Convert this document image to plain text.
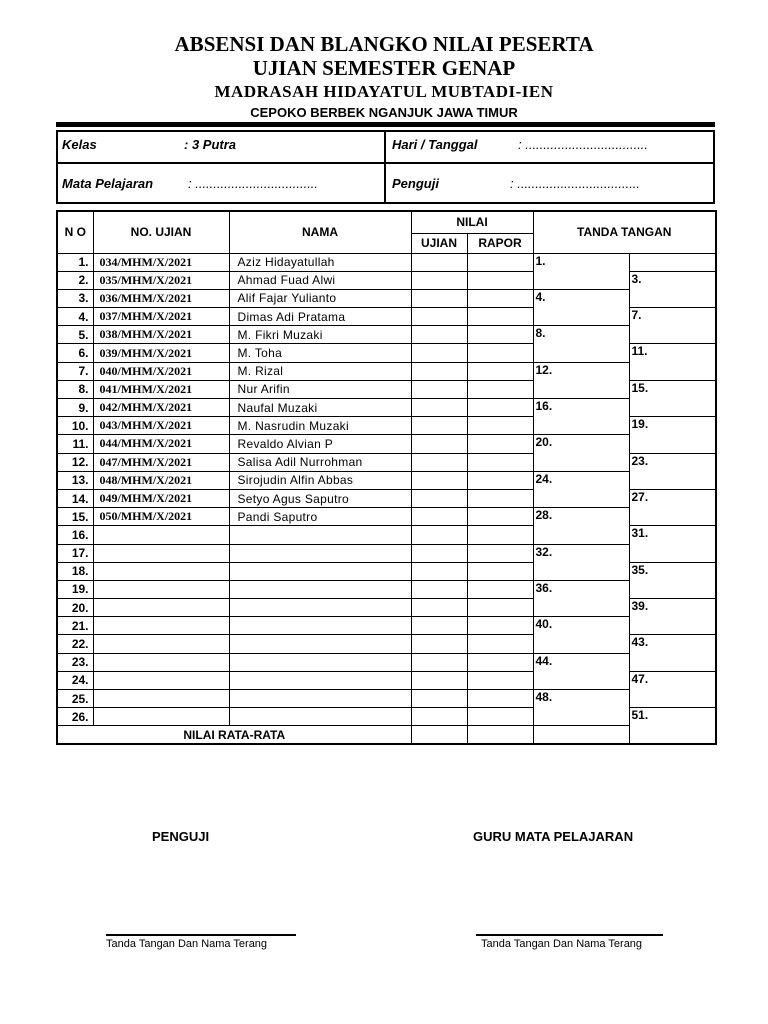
ABSENSI DAN BLANGKO NILAI PESERTA
UJIAN SEMESTER GENAP
MADRASAH HIDAYATUL MUBTADI-IEN
CEPOKO BERBEK NGANJUK JAWA TIMUR
Kelas	: 3 Putra	Hari / Tanggal	: ..................................
Mata Pelajaran	: ..................................	Penguji	: ..................................
N O	NO. UJIAN	NAMA	NILAI		TANDA TANGAN	
			UJIAN	RAPOR		
1.	034/MHM/X/2021	Aziz Hidayatullah			1.	
2.	035/MHM/X/2021	Ahmad Fuad Alwi				3.
3.	036/MHM/X/2021	Alif Fajar Yulianto			4.	
4.	037/MHM/X/2021	Dimas Adi Pratama				7.
5.	038/MHM/X/2021	M. Fikri Muzaki			8.	
6.	039/MHM/X/2021	M. Toha				11.
7.	040/MHM/X/2021	M. Rizal			12.	
8.	041/MHM/X/2021	Nur Arifin				15.
9.	042/MHM/X/2021	Naufal Muzaki			16.	
10.	043/MHM/X/2021	M. Nasrudin Muzaki				19.
11.	044/MHM/X/2021	Revaldo Alvian P			20.	
12.	047/MHM/X/2021	Salisa Adil Nurrohman				23.
13.	048/MHM/X/2021	Sirojudin Alfin Abbas			24.	
14.	049/MHM/X/2021	Setyo Agus Saputro				27.
15.	050/MHM/X/2021	Pandi Saputro			28.	
16.						31.
17.					32.	
18.						35.
19.					36.	
20.						39.
21.					40.	
22.						43.
23.					44.	
24.						47.
25.					48.	
26.						51.
NILAI RATA-RATA						
PENGUJI	GURU MATA PELAJARAN
Tanda Tangan Dan Nama Terang	Tanda Tangan Dan Nama Terang
